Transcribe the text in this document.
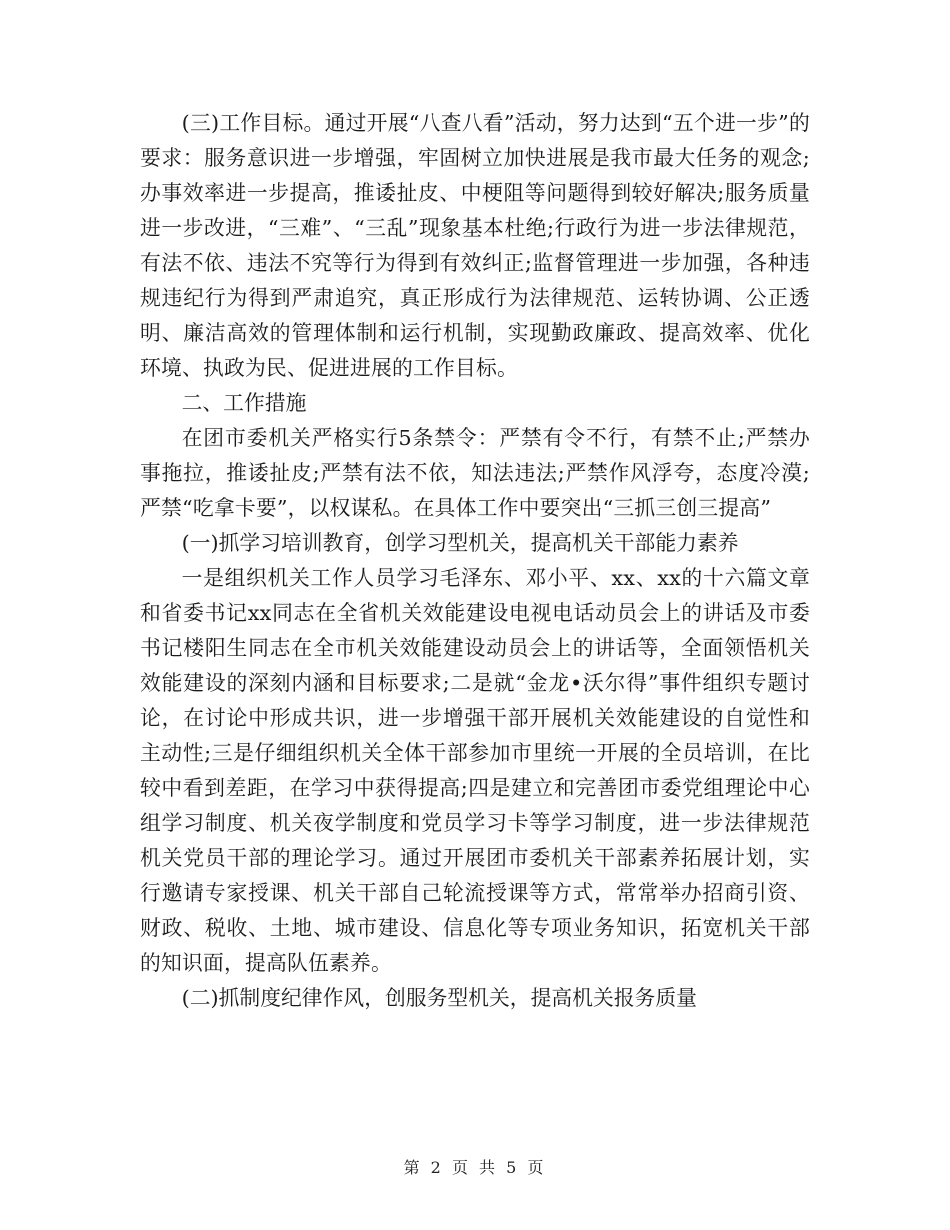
(三)工作目标。通过开展“八查八看”活动，努力达到“五个进一步”的要求：服务意识进一步增强，牢固树立加快进展是我市最大任务的观念;办事效率进一步提高，推诿扯皮、中梗阻等问题得到较好解决;服务质量进一步改进，“三难”、“三乱”现象基本杜绝;行政行为进一步法律规范，有法不依、违法不究等行为得到有效纠正;监督管理进一步加强，各种违规违纪行为得到严肃追究，真正形成行为法律规范、运转协调、公正透明、廉洁高效的管理体制和运行机制，实现勤政廉政、提高效率、优化环境、执政为民、促进进展的工作目标。

二、工作措施

在团市委机关严格实行5条禁令：严禁有令不行，有禁不止;严禁办事拖拉，推诿扯皮;严禁有法不依，知法违法;严禁作风浮夸，态度冷漠;严禁“吃拿卡要”，以权谋私。在具体工作中要突出“三抓三创三提高”

(一)抓学习培训教育，创学习型机关，提高机关干部能力素养

一是组织机关工作人员学习毛泽东、邓小平、xx、xx的十六篇文章和省委书记xx同志在全省机关效能建设电视电话动员会上的讲话及市委书记楼阳生同志在全市机关效能建设动员会上的讲话等，全面领悟机关效能建设的深刻内涵和目标要求;二是就“金龙•沃尔得”事件组织专题讨论，在讨论中形成共识，进一步增强干部开展机关效能建设的自觉性和主动性;三是仔细组织机关全体干部参加市里统一开展的全员培训，在比较中看到差距，在学习中获得提高;四是建立和完善团市委党组理论中心组学习制度、机关夜学制度和党员学习卡等学习制度，进一步法律规范机关党员干部的理论学习。通过开展团市委机关干部素养拓展计划，实行邀请专家授课、机关干部自己轮流授课等方式，常常举办招商引资、财政、税收、土地、城市建设、信息化等专项业务知识，拓宽机关干部的知识面，提高队伍素养。

(二)抓制度纪律作风，创服务型机关，提高机关报务质量

第 2 页 共 5 页
